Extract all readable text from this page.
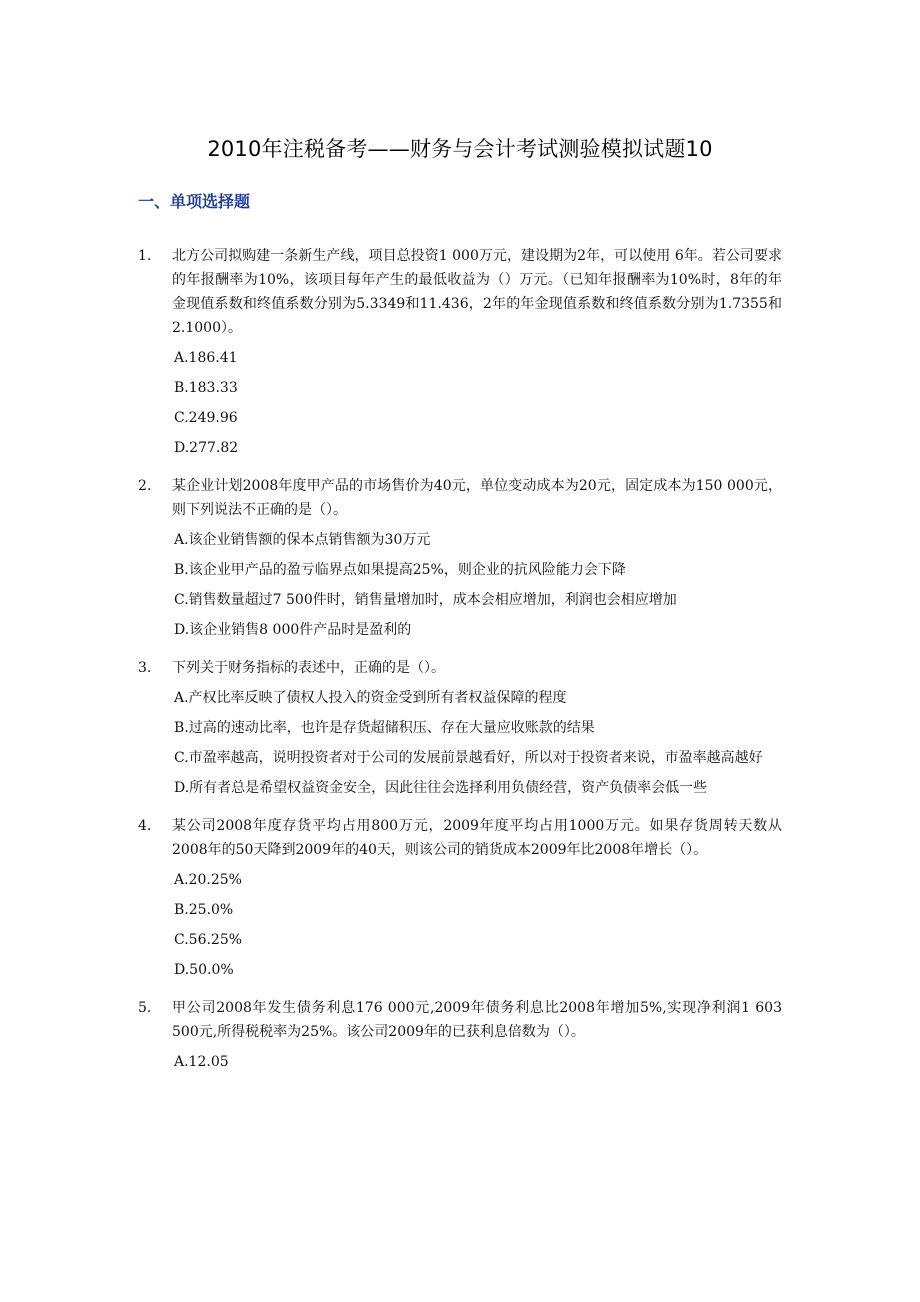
2010年注税备考——财务与会计考试测验模拟试题10
一、单项选择题
1. 北方公司拟购建一条新生产线，项目总投资1 000万元，建设期为2年，可以使用 6年。若公司要求的年报酬率为10%，该项目每年产生的最低收益为（）万元。（已知年报酬率为10%时，8年的年金现值系数和终值系数分别为5.3349和11.436，2年的年金现值系数和终值系数分别为1.7355和2.1000）。
A.186.41
B.183.33
C.249.96
D.277.82
2. 某企业计划2008年度甲产品的市场售价为40元，单位变动成本为20元，固定成本为150 000元，则下列说法不正确的是（）。
A.该企业销售额的保本点销售额为30万元
B.该企业甲产品的盈亏临界点如果提高25%，则企业的抗风险能力会下降
C.销售数量超过7 500件时，销售量增加时，成本会相应增加，利润也会相应增加
D.该企业销售8 000件产品时是盈利的
3. 下列关于财务指标的表述中，正确的是（）。
A.产权比率反映了债权人投入的资金受到所有者权益保障的程度
B.过高的速动比率，也许是存货超储积压、存在大量应收账款的结果
C.市盈率越高，说明投资者对于公司的发展前景越看好，所以对于投资者来说，市盈率越高越好
D.所有者总是希望权益资金安全，因此往往会选择利用负债经营，资产负债率会低一些
4. 某公司2008年度存货平均占用800万元，2009年度平均占用1000万元。如果存货周转天数从2008年的50天降到2009年的40天，则该公司的销货成本2009年比2008年增长（）。
A.20.25%
B.25.0%
C.56.25%
D.50.0%
5. 甲公司2008年发生债务利息176 000元,2009年债务利息比2008年增加5%,实现净利润1 603 500元,所得税税率为25%。该公司2009年的已获利息倍数为（）。
A.12.05
